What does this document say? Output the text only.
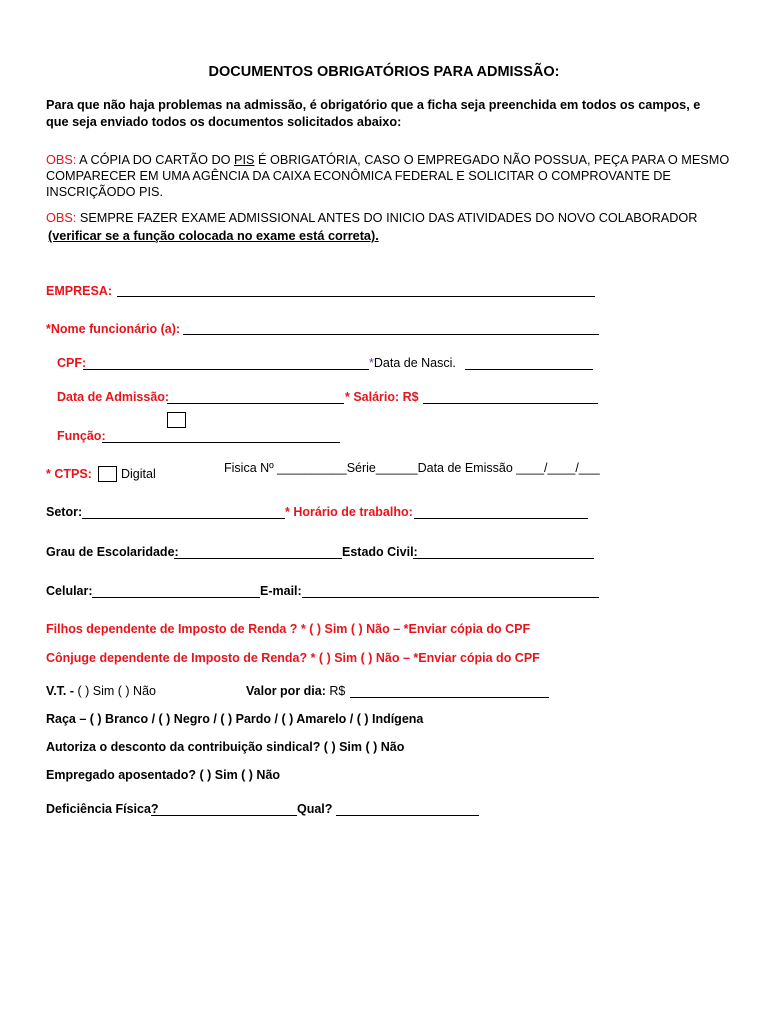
DOCUMENTOS OBRIGATÓRIOS PARA ADMISSÃO:
Para que não haja problemas na admissão, é obrigatório que a ficha seja preenchida em todos os campos, e que seja enviado todos os documentos solicitados abaixo:
OBS: A CÓPIA DO CARTÃO DO PIS É OBRIGATÓRIA, CASO O EMPREGADO NÃO POSSUA, PEÇA PARA O MESMO COMPARECER EM UMA AGÊNCIA DA CAIXA ECONÔMICA FEDERAL E SOLICITAR O COMPROVANTE DE INSCRIÇÃODO PIS.
OBS: SEMPRE FAZER EXAME ADMISSIONAL ANTES DO INICIO DAS ATIVIDADES DO NOVO COLABORADOR
(verificar se a função colocada no exame está correta).
EMPRESA:
*Nome funcionário (a):
CPF:	*Data de Nasci.
Data de Admissão:	* Salário: R$
Função:
* CTPS: Digital	Fisica Nº __________Série______Data de Emissão ____/____/___
Setor:	* Horário de trabalho:
Grau de Escolaridade:	Estado Civil:
Celular:	E-mail:
Filhos dependente de Imposto de Renda ? * ( ) Sim ( ) Não – *Enviar cópia do CPF
Cônjuge dependente de Imposto de Renda? * ( ) Sim ( ) Não – *Enviar cópia do CPF
V.T. - ( ) Sim ( ) Não	Valor por dia: R$
Raça – ( ) Branco / ( ) Negro / ( ) Pardo / ( ) Amarelo / ( ) Indígena
Autoriza o desconto da contribuição sindical? ( ) Sim ( ) Não
Empregado aposentado? ( ) Sim ( ) Não
Deficiência Física?	Qual?
